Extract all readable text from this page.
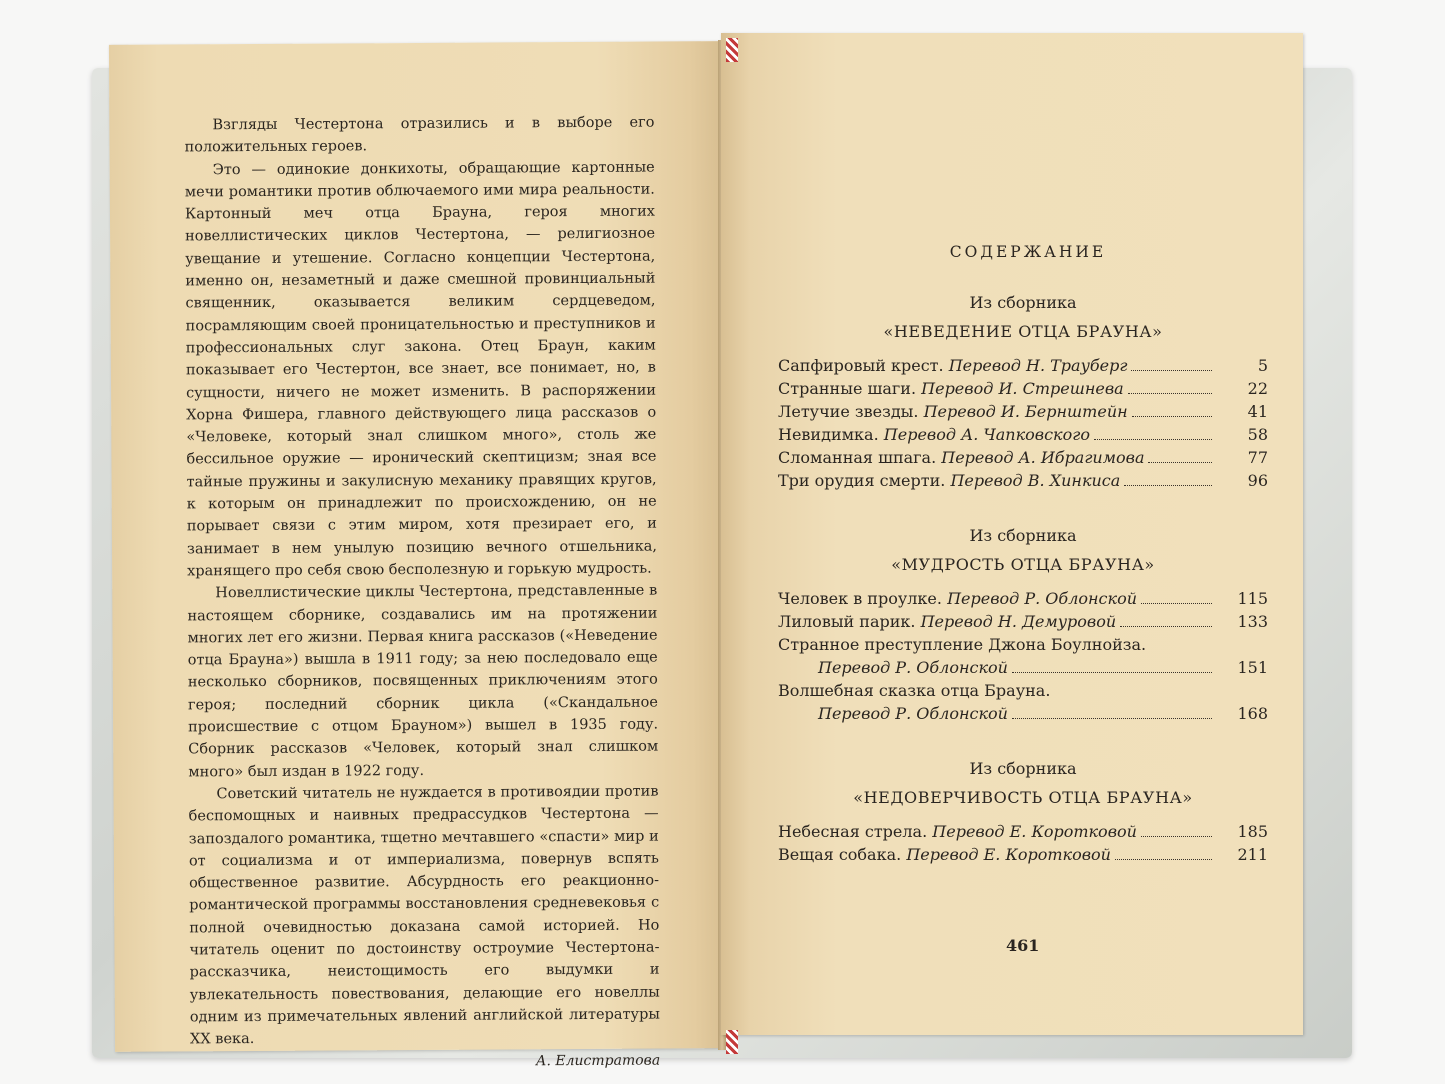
Взгляды Честертона отразились и в выборе его положительных героев.

Это — одинокие донкихоты, обращающие картонные мечи романтики против облючаемого ими мира реальности. Картонный меч отца Брауна, героя многих новеллистических циклов Честертона, — религиозное увещание и утешение. Согласно концепции Честертона, именно он, незаметный и даже смешной провинциальный священник, оказывается великим сердцеведом, посрамляющим своей проницательностью и преступников и профессиональных слуг закона. Отец Браун, каким показывает его Честертон, все знает, все понимает, но, в сущности, ничего не может изменить. В распоряжении Хорна Фишера, главного действующего лица рассказов о «Человеке, который знал слишком много», столь же бессильное оружие — иронический скептицизм; зная все тайные пружины и закулисную механику правящих кругов, к которым он принадлежит по происхождению, он не порывает связи с этим миром, хотя презирает его, и занимает в нем унылую позицию вечного отшельника, хранящего про себя свою бесполезную и горькую мудрость.

Новеллистические циклы Честертона, представленные в настоящем сборнике, создавались им на протяжении многих лет его жизни. Первая книга рассказов («Неведение отца Брауна») вышла в 1911 году; за нею последовало еще несколько сборников, посвященных приключениям этого героя; последний сборник цикла («Скандальное происшествие с отцом Брауном») вышел в 1935 году. Сборник рассказов «Человек, который знал слишком много» был издан в 1922 году.

Советский читатель не нуждается в противоядии против беспомощных и наивных предрассудков Честертона — запоздалого романтика, тщетно мечтавшего «спасти» мир и от социализма и от империализма, повернув вспять общественное развитие. Абсурдность его реакционно-романтической программы восстановления средневековья с полной очевидностью доказана самой историей. Но читатель оценит по достоинству остроумие Честертона-рассказчика, неистощимость его выдумки и увлекательность повествования, делающие его новеллы одним из примечательных явлений английской литературы XX века.

А. Елистратова
СОДЕРЖАНИЕ
Из сборника
«НЕВЕДЕНИЕ ОТЦА БРАУНА»
Сапфировый крест. Перевод Н. Трауберг	5
Странные шаги. Перевод И. Стрешнева	22
Летучие звезды. Перевод И. Бернштейн	41
Невидимка. Перевод А. Чапковского	58
Сломанная шпага. Перевод А. Ибрагимова	77
Три орудия смерти. Перевод В. Хинкиса	96
Из сборника
«МУДРОСТЬ ОТЦА БРАУНА»
Человек в проулке. Перевод Р. Облонской	115
Лиловый парик. Перевод Н. Демуровой	133
Странное преступление Джона Боулнойза.
Перевод Р. Облонской	151
Волшебная сказка отца Брауна.
Перевод Р. Облонской	168
Из сборника
«НЕДОВЕРЧИВОСТЬ ОТЦА БРАУНА»
Небесная стрела. Перевод Е. Коротковой	185
Вещая собака. Перевод Е. Коротковой	211
461
